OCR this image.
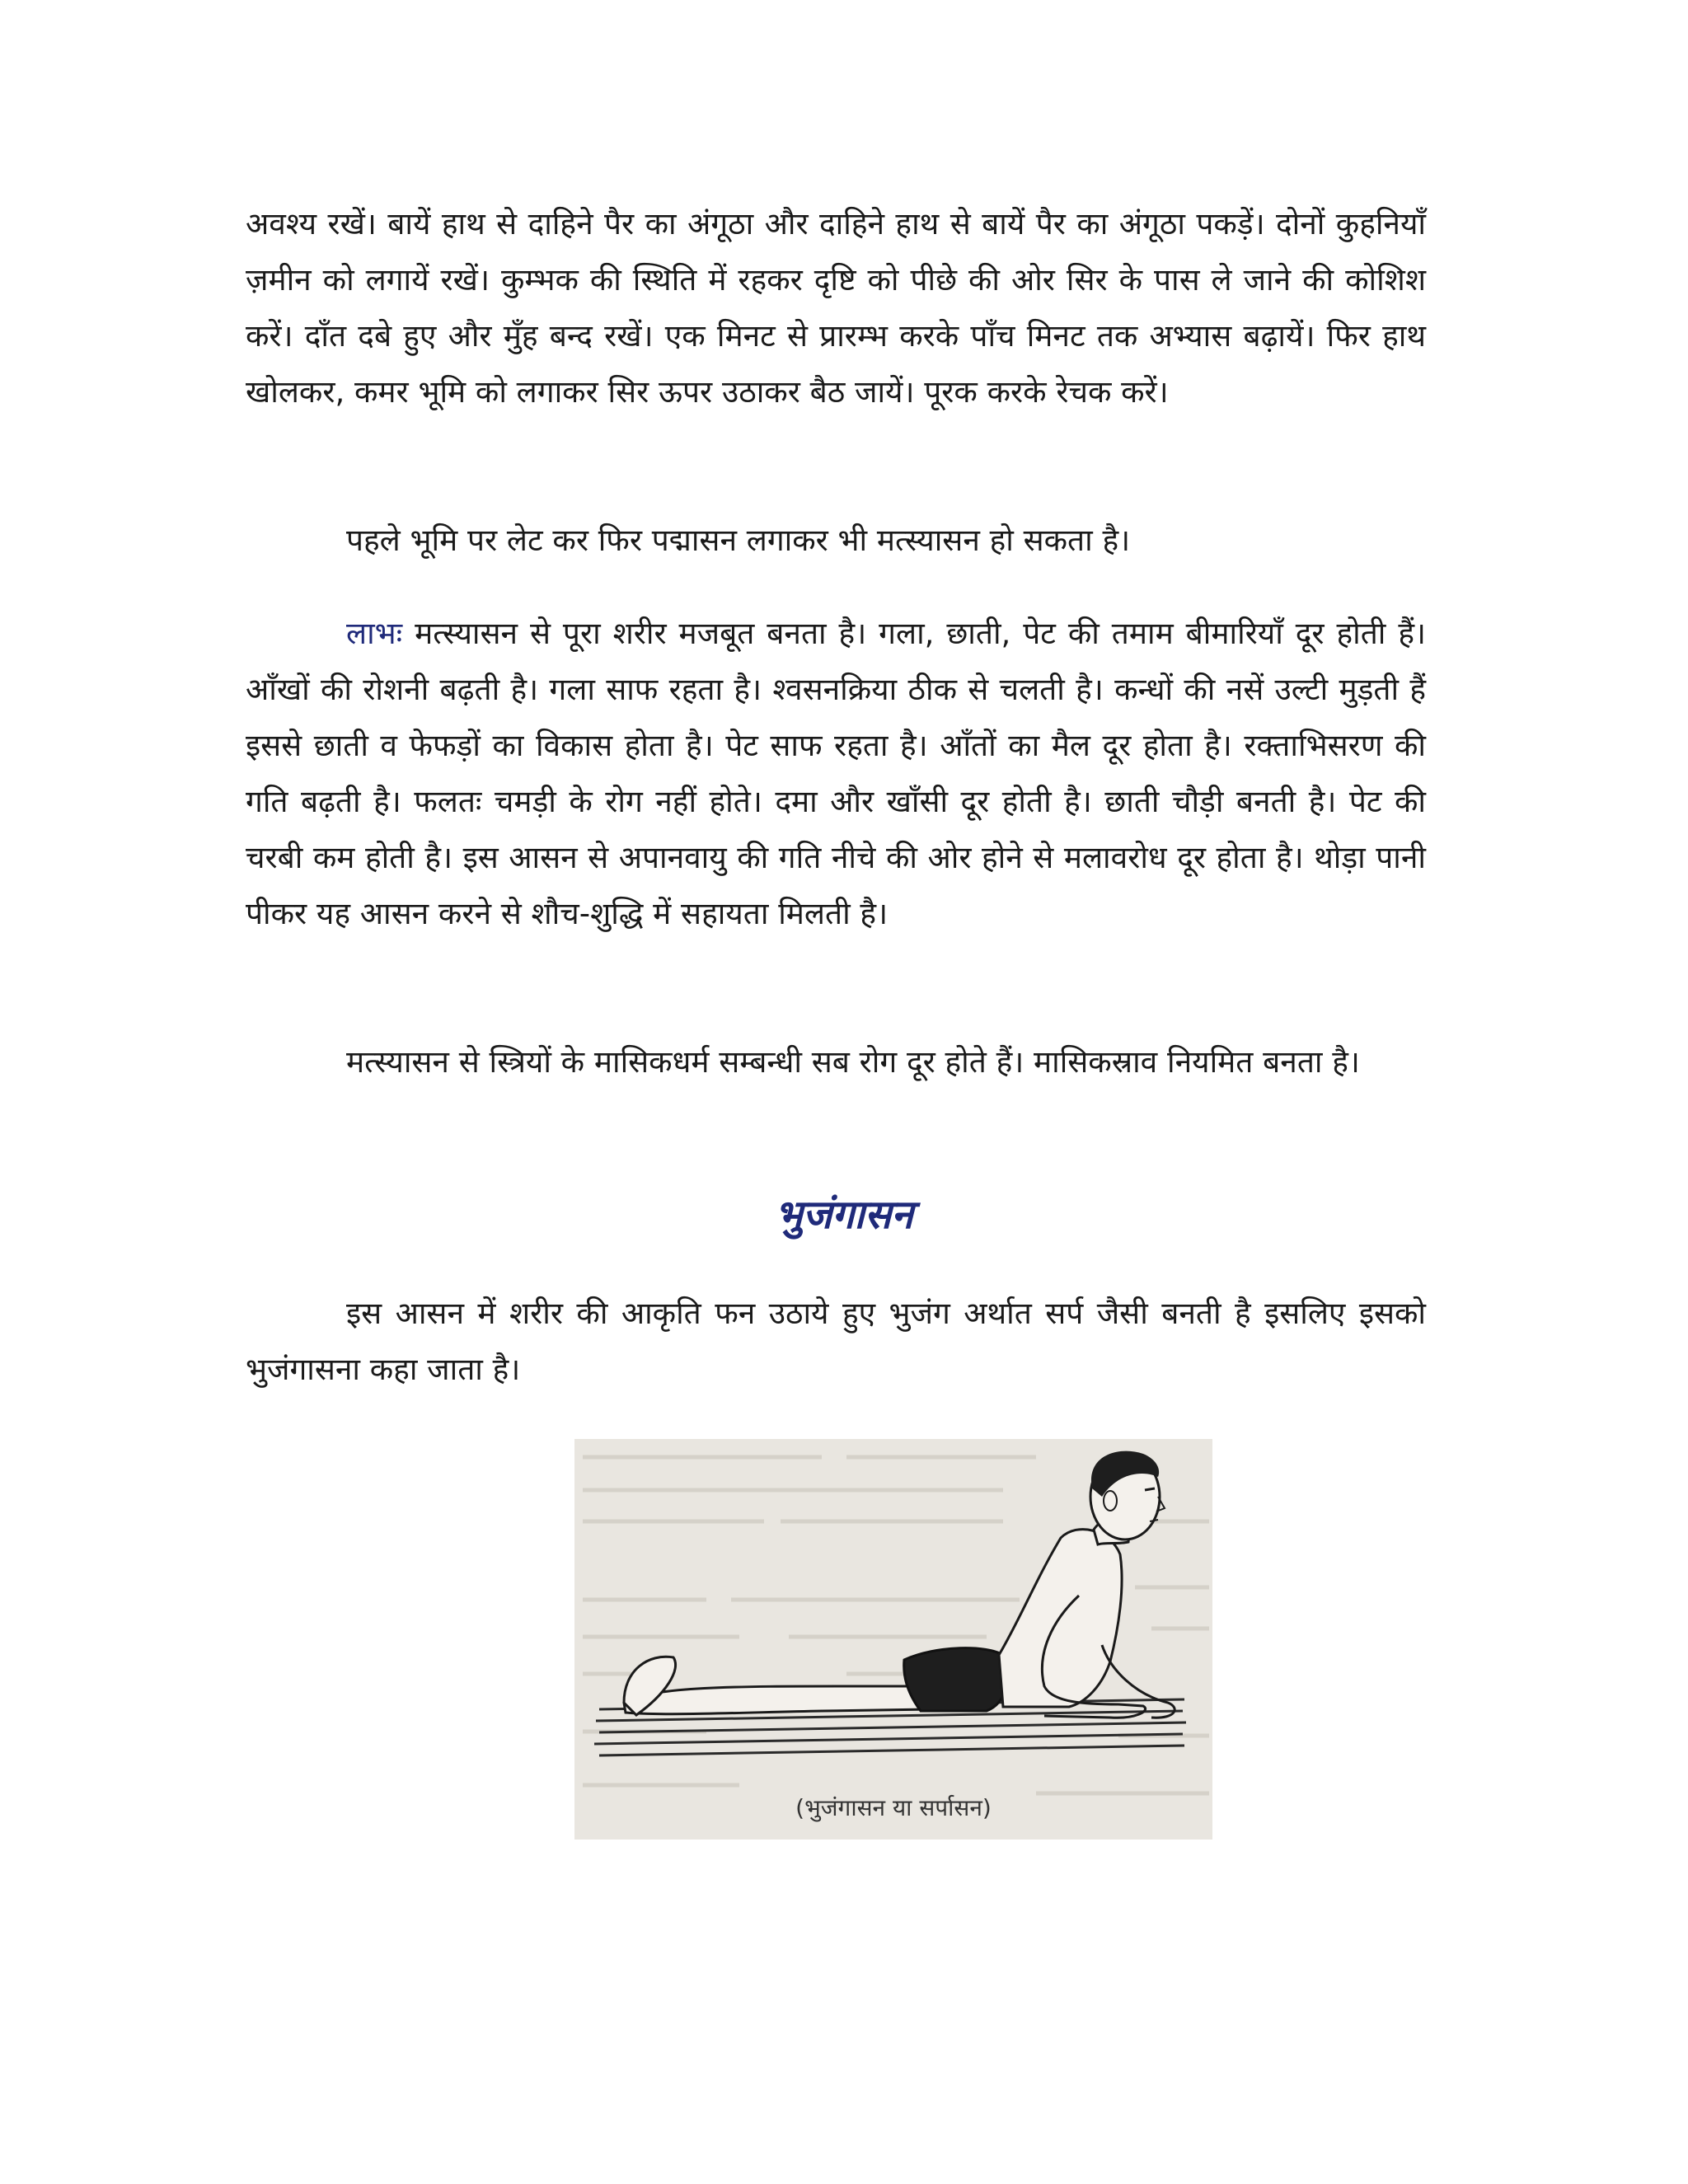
अवश्य रखें। बायें हाथ से दाहिने पैर का अंगूठा और दाहिने हाथ से बायें पैर का अंगूठा पकड़ें। दोनों कुहनियाँ ज़मीन को लगायें रखें। कुम्भक की स्थिति में रहकर दृष्टि को पीछे की ओर सिर के पास ले जाने की कोशिश करें। दाँत दबे हुए और मुँह बन्द रखें। एक मिनट से प्रारम्भ करके पाँच मिनट तक अभ्यास बढ़ायें। फिर हाथ खोलकर, कमर भूमि को लगाकर सिर ऊपर उठाकर बैठ जायें। पूरक करके रेचक करें।

पहले भूमि पर लेट कर फिर पद्मासन लगाकर भी मत्स्यासन हो सकता है।

लाभः मत्स्यासन से पूरा शरीर मजबूत बनता है। गला, छाती, पेट की तमाम बीमारियाँ दूर होती हैं। आँखों की रोशनी बढ़ती है। गला साफ रहता है। श्वसनक्रिया ठीक से चलती है। कन्धों की नसें उल्टी मुड़ती हैं इससे छाती व फेफड़ों का विकास होता है। पेट साफ रहता है। आँतों का मैल दूर होता है। रक्ताभिसरण की गति बढ़ती है। फलतः चमड़ी के रोग नहीं होते। दमा और खाँसी दूर होती है। छाती चौड़ी बनती है। पेट की चरबी कम होती है। इस आसन से अपानवायु की गति नीचे की ओर होने से मलावरोध दूर होता है। थोड़ा पानी पीकर यह आसन करने से शौच-शुद्धि में सहायता मिलती है।

मत्स्यासन से स्त्रियों के मासिकधर्म सम्बन्धी सब रोग दूर होते हैं। मासिकस्राव नियमित बनता है।

भुजंगासन

इस आसन में शरीर की आकृति फन उठाये हुए भुजंग अर्थात सर्प जैसी बनती है इसलिए इसको भुजंगासना कहा जाता है।

(भुजंगासन या सर्पासन)
